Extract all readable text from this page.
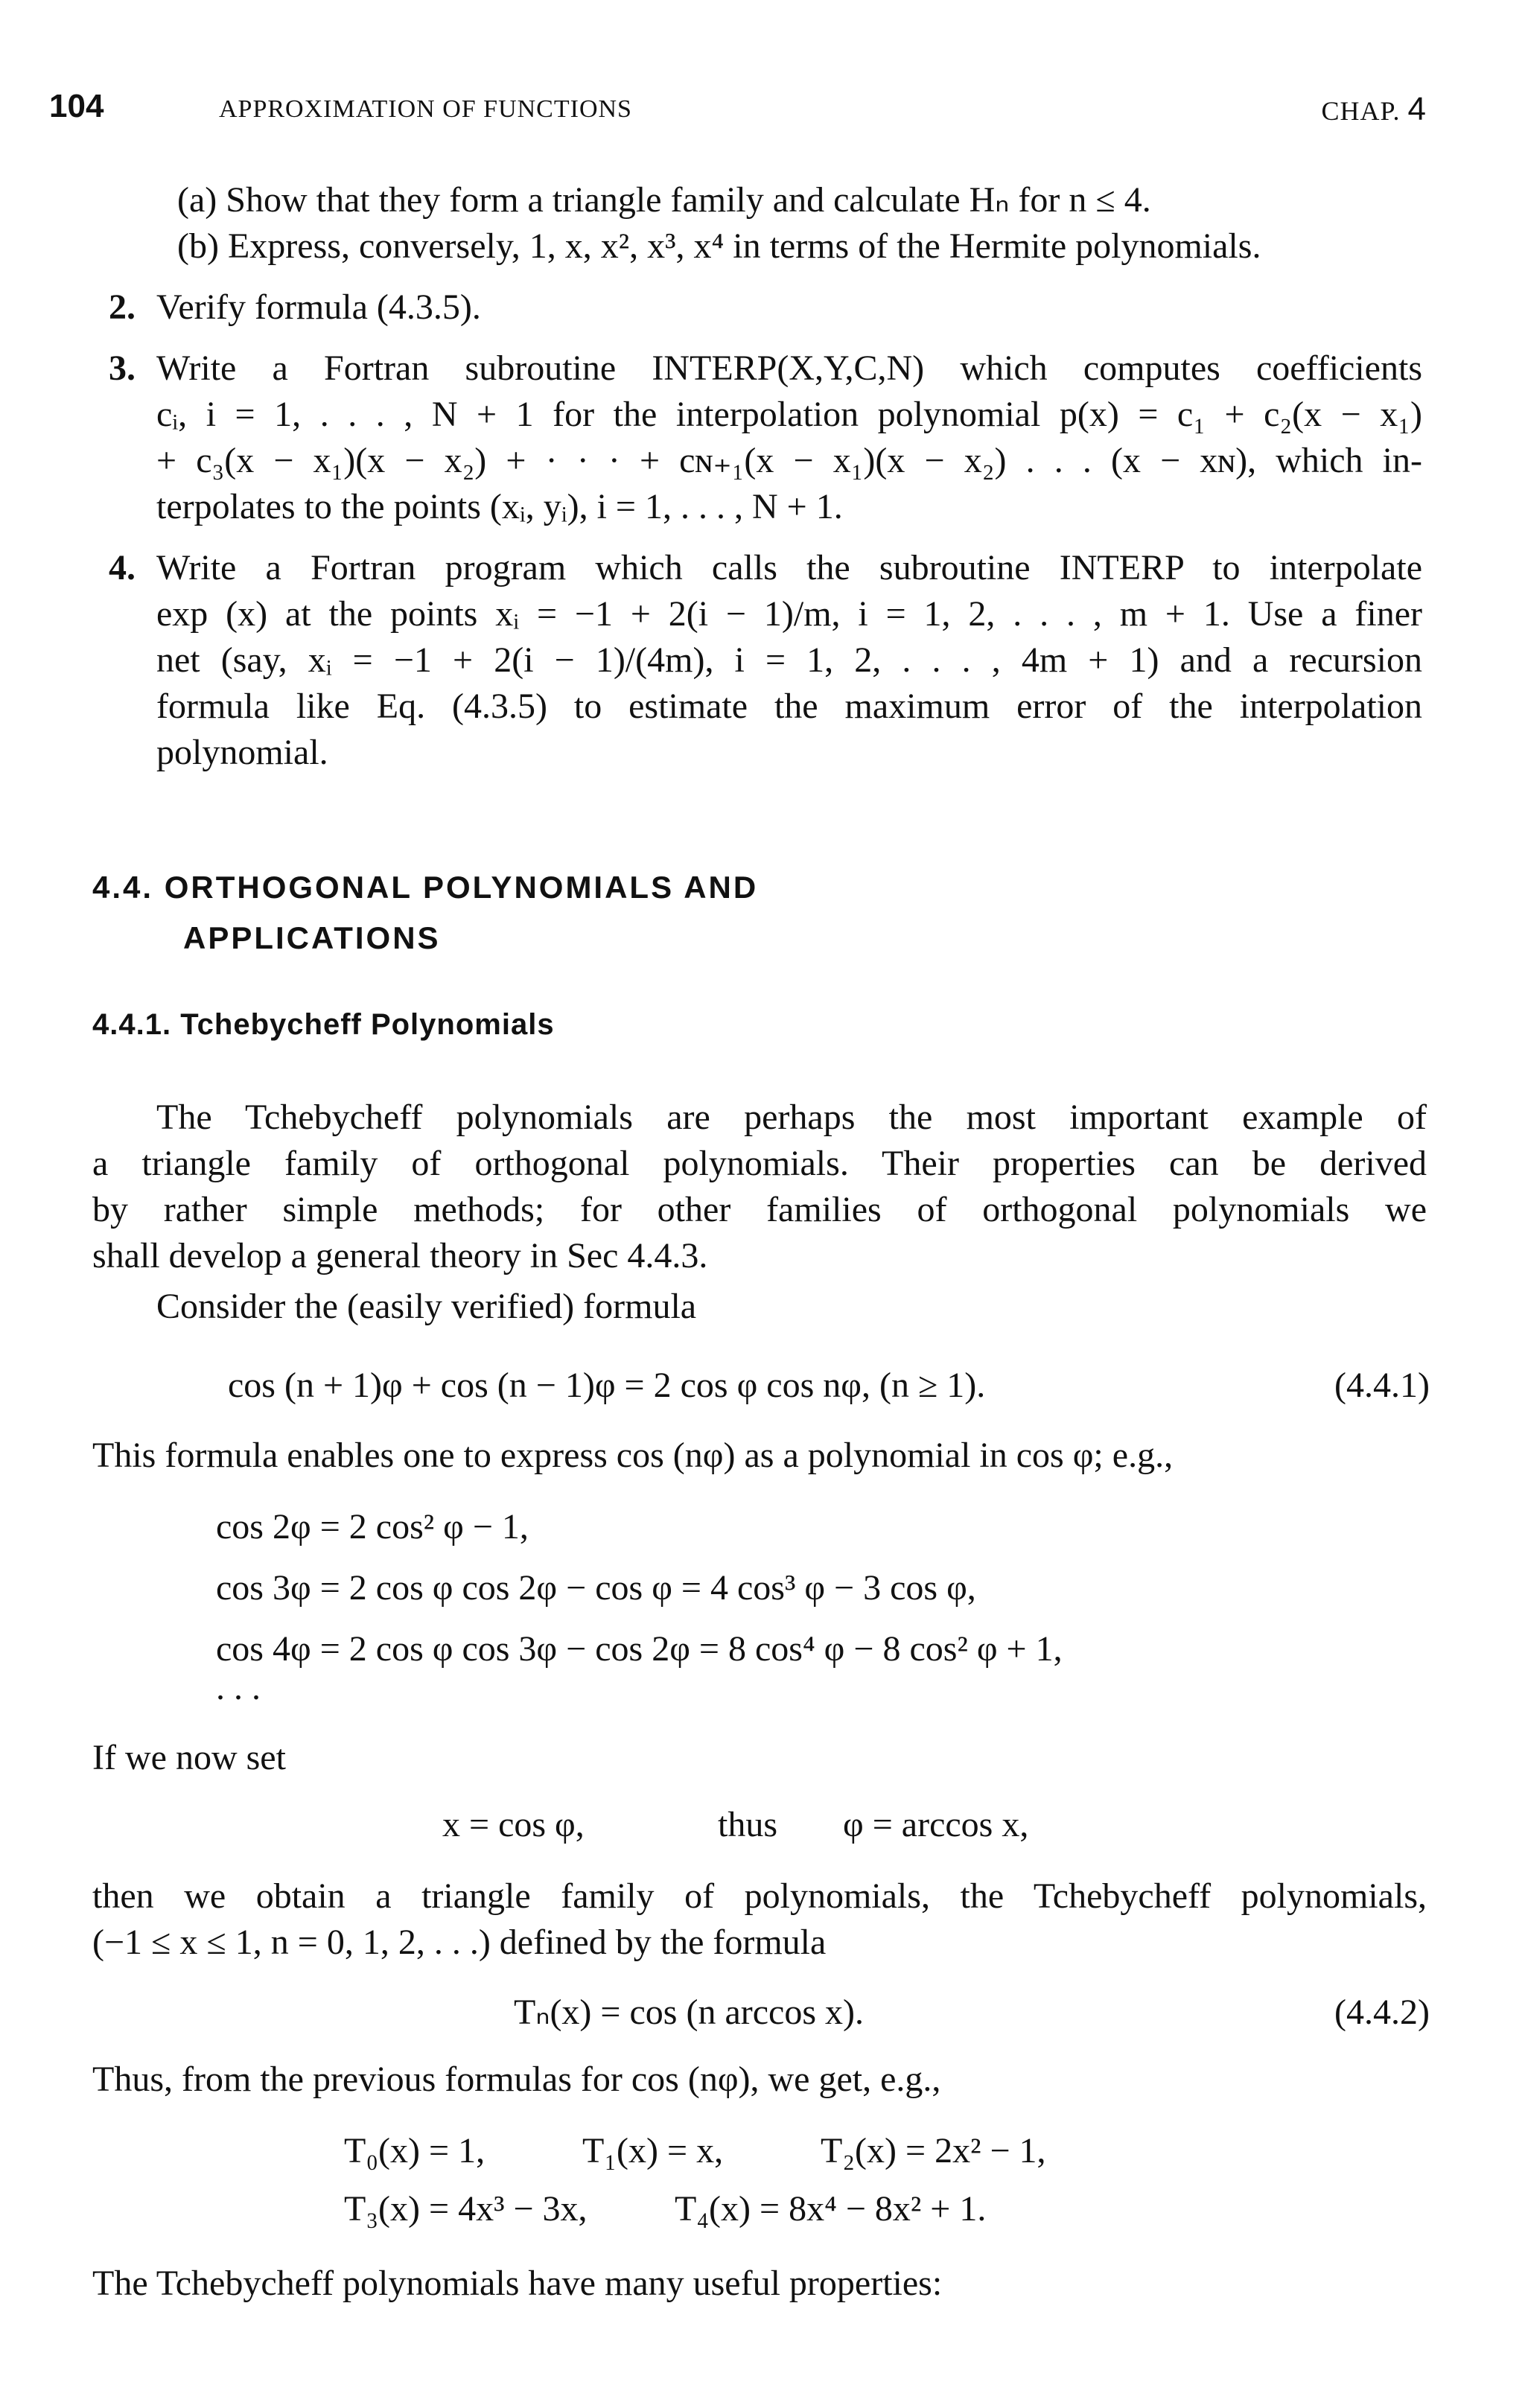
104	APPROXIMATION OF FUNCTIONS	CHAP. 4
(a) Show that they form a triangle family and calculate Hₙ for n ≤ 4.
(b) Express, conversely, 1, x, x², x³, x⁴ in terms of the Hermite polynomials.
2. Verify formula (4.3.5).
3. Write a Fortran subroutine INTERP(X,Y,C,N) which computes coefficients
cᵢ, i = 1, . . . , N + 1 for the interpolation polynomial p(x) = c₁ + c₂(x − x₁)
+ c₃(x − x₁)(x − x₂) + · · · + cɴ₊₁(x − x₁)(x − x₂) . . . (x − xɴ), which in-
terpolates to the points (xᵢ, yᵢ), i = 1, . . . , N + 1.
4. Write a Fortran program which calls the subroutine INTERP to interpolate
exp (x) at the points xᵢ = −1 + 2(i − 1)/m, i = 1, 2, . . . , m + 1. Use a finer
net (say, xᵢ = −1 + 2(i − 1)/(4m), i = 1, 2, . . . , 4m + 1) and a recursion
formula like Eq. (4.3.5) to estimate the maximum error of the interpolation
polynomial.
4.4. ORTHOGONAL POLYNOMIALS AND
APPLICATIONS
4.4.1. Tchebycheff Polynomials
The Tchebycheff polynomials are perhaps the most important example of
a triangle family of orthogonal polynomials. Their properties can be derived
by rather simple methods; for other families of orthogonal polynomials we
shall develop a general theory in Sec 4.4.3.
Consider the (easily verified) formula
cos (n + 1)φ + cos (n − 1)φ = 2 cos φ cos nφ, (n ≥ 1).	(4.4.1)
This formula enables one to express cos (nφ) as a polynomial in cos φ; e.g.,
cos 2φ = 2 cos² φ − 1,
cos 3φ = 2 cos φ cos 2φ − cos φ = 4 cos³ φ − 3 cos φ,
cos 4φ = 2 cos φ cos 3φ − cos 2φ = 8 cos⁴ φ − 8 cos² φ + 1,
. . .
If we now set
x = cos φ,	thus φ = arccos x,
then we obtain a triangle family of polynomials, the Tchebycheff polynomials,
(−1 ≤ x ≤ 1, n = 0, 1, 2, . . .) defined by the formula
Tₙ(x) = cos (n arccos x).	(4.4.2)
Thus, from the previous formulas for cos (nφ), we get, e.g.,
T₀(x) = 1,	T₁(x) = x,	T₂(x) = 2x² − 1,
T₃(x) = 4x³ − 3x, T₄(x) = 8x⁴ − 8x² + 1.
The Tchebycheff polynomials have many useful properties:
